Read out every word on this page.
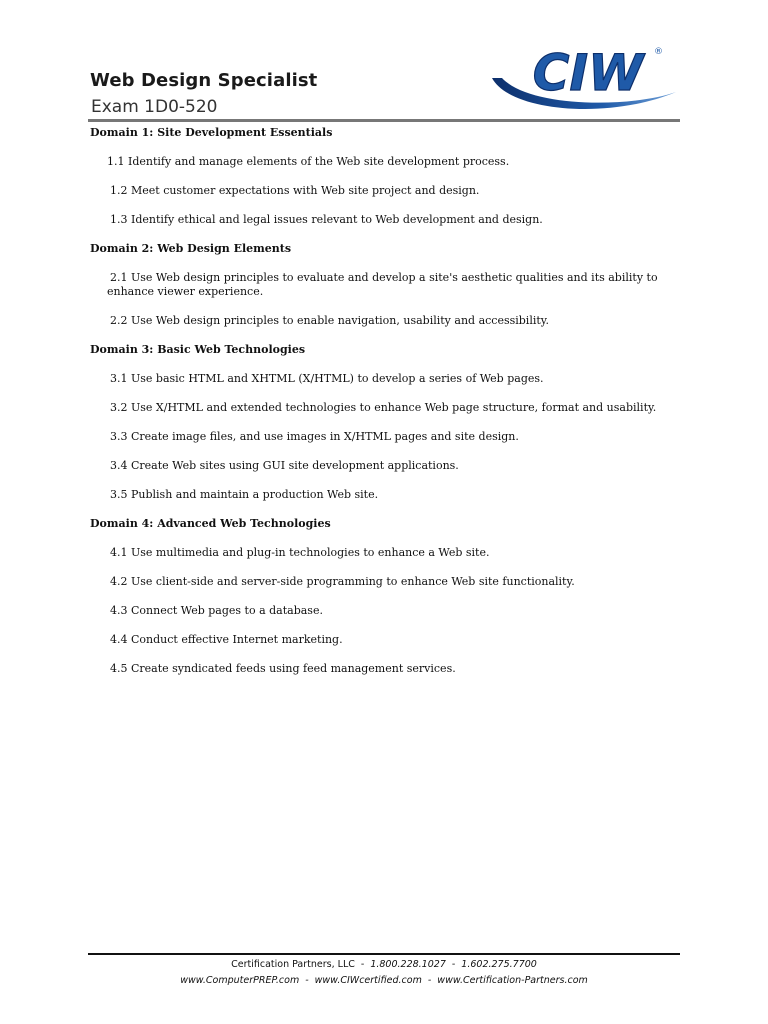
Web Design Specialist
Exam 1D0-520
CIW	®
Domain 1: Site Development Essentials
1.1 Identify and manage elements of the Web site development process.
1.2 Meet customer expectations with Web site project and design.
1.3 Identify ethical and legal issues relevant to Web development and design.
Domain 2: Web Design Elements
2.1 Use Web design principles to evaluate and develop a site's aesthetic qualities and its ability to enhance viewer experience.
2.2 Use Web design principles to enable navigation, usability and accessibility.
Domain 3: Basic Web Technologies
3.1 Use basic HTML and XHTML (X/HTML) to develop a series of Web pages.
3.2 Use X/HTML and extended technologies to enhance Web page structure, format and usability.
3.3 Create image files, and use images in X/HTML pages and site design.
3.4 Create Web sites using GUI site development applications.
3.5 Publish and maintain a production Web site.
Domain 4: Advanced Web Technologies
4.1 Use multimedia and plug-in technologies to enhance a Web site.
4.2 Use client-side and server-side programming to enhance Web site functionality.
4.3 Connect Web pages to a database.
4.4 Conduct effective Internet marketing.
4.5 Create syndicated feeds using feed management services.
Certification Partners, LLC - 1.800.228.1027 - 1.602.275.7700
www.ComputerPREP.com - www.CIWcertified.com - www.Certification-Partners.com
